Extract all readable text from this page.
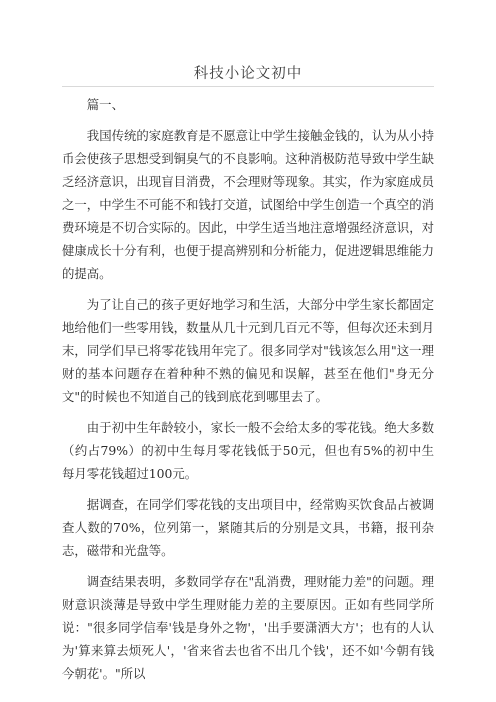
科技小论文初中

篇一、

我国传统的家庭教育是不愿意让中学生接触金钱的，认为从小持币会使孩子思想受到铜臭气的不良影响。这种消极防范导致中学生缺乏经济意识，出现盲目消费，不会理财等现象。其实，作为家庭成员之一，中学生不可能不和钱打交道，试图给中学生创造一个真空的消费环境是不切合实际的。因此，中学生适当地注意增强经济意识，对健康成长十分有利，也便于提高辨别和分析能力，促进逻辑思维能力的提高。

为了让自己的孩子更好地学习和生活，大部分中学生家长都固定地给他们一些零用钱，数量从几十元到几百元不等，但每次还未到月末，同学们早已将零花钱用年完了。很多同学对"钱该怎么用"这一理财的基本问题存在着种种不熟的偏见和误解，甚至在他们"身无分文"的时候也不知道自己的钱到底花到哪里去了。

由于初中生年龄较小，家长一般不会给太多的零花钱。绝大多数（约占79%）的初中生每月零花钱低于50元，但也有5%的初中生每月零花钱超过100元。

据调查，在同学们零花钱的支出项目中，经常购买饮食品占被调查人数的70%，位列第一，紧随其后的分别是文具，书籍，报刊杂志，磁带和光盘等。

调查结果表明，多数同学存在"乱消费，理财能力差"的问题。理财意识淡薄是导致中学生理财能力差的主要原因。正如有些同学所说："很多同学信奉'钱是身外之物'，'出手要潇洒大方'；也有的人认为'算来算去烦死人'，'省来省去也省不出几个钱'，还不如'今朝有钱今朝花'。"所以
